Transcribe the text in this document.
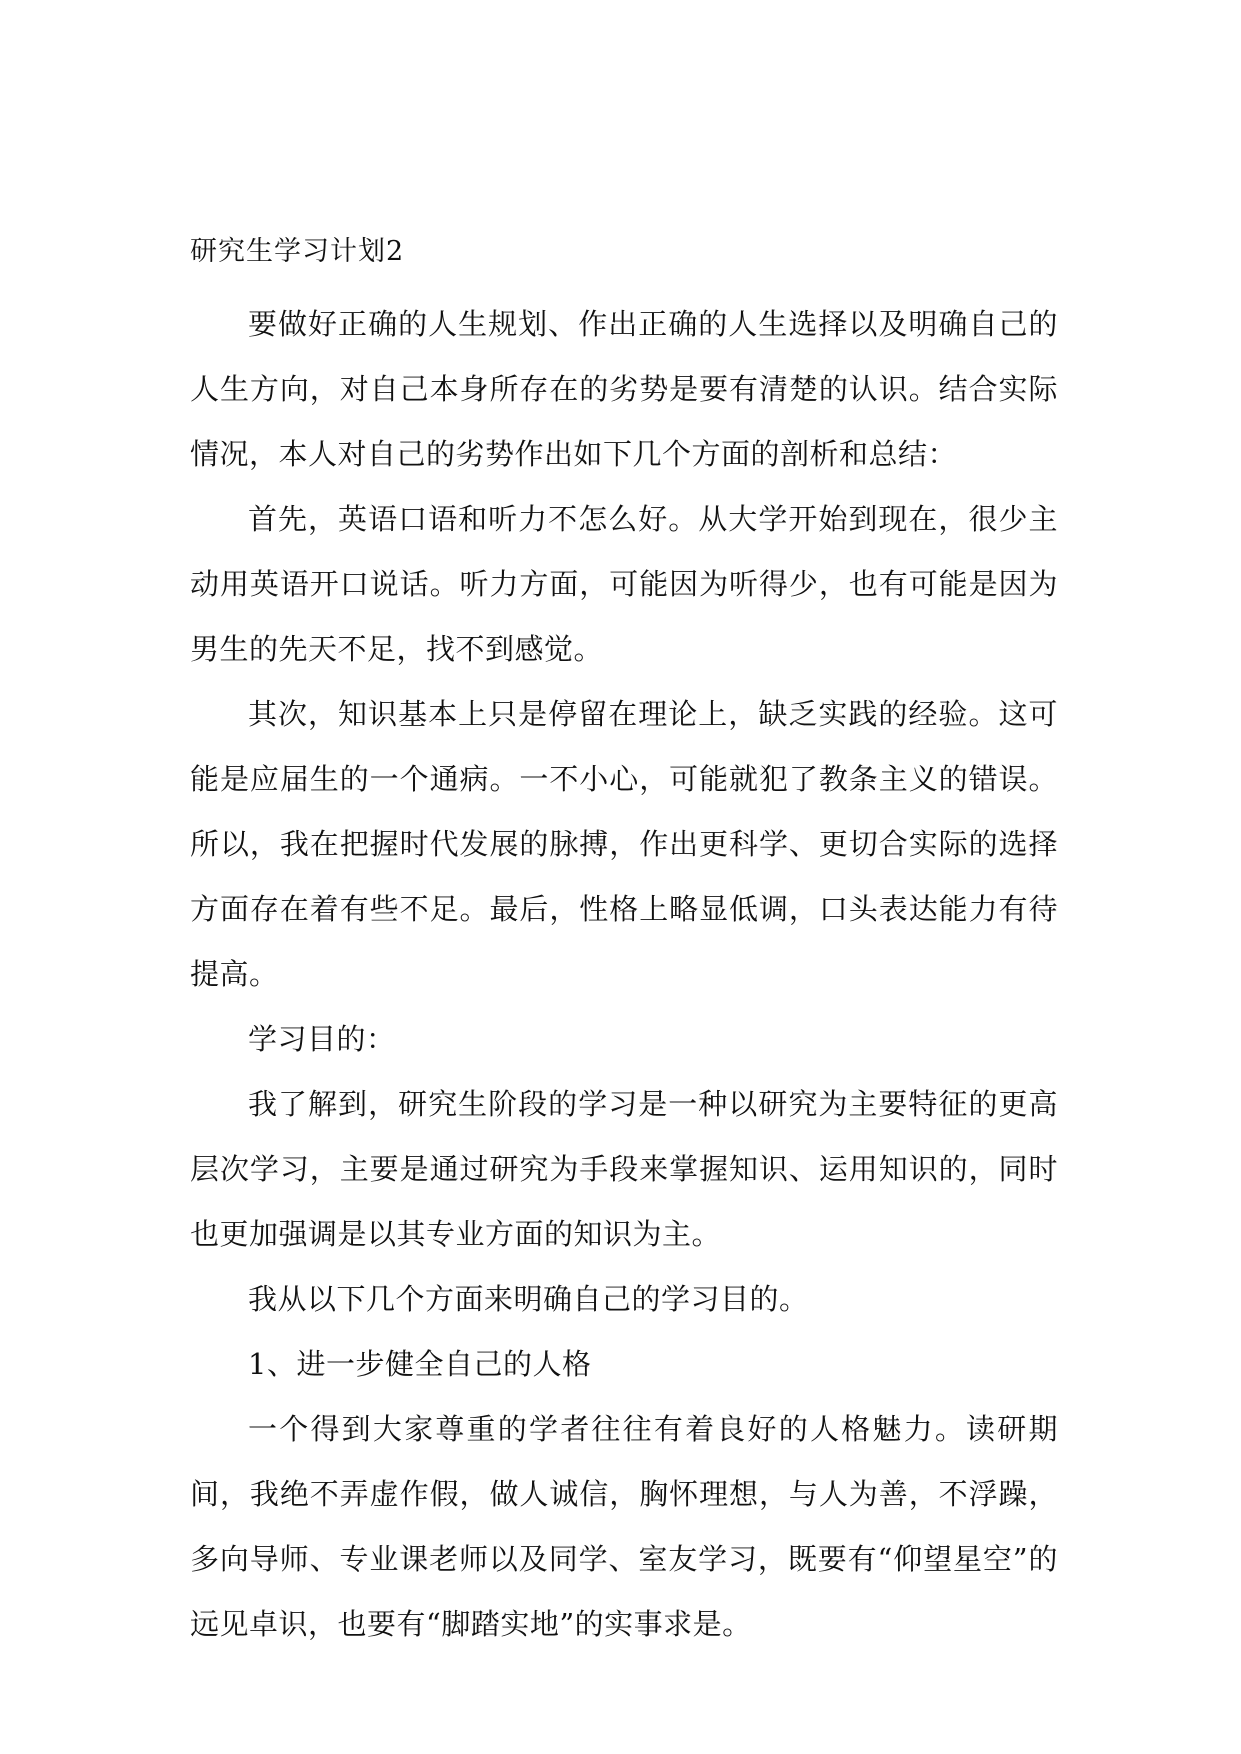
研究生学习计划2

要做好正确的人生规划、作出正确的人生选择以及明确自己的人生方向，对自己本身所存在的劣势是要有清楚的认识。结合实际情况，本人对自己的劣势作出如下几个方面的剖析和总结：

首先，英语口语和听力不怎么好。从大学开始到现在，很少主动用英语开口说话。听力方面，可能因为听得少，也有可能是因为男生的先天不足，找不到感觉。

其次，知识基本上只是停留在理论上，缺乏实践的经验。这可能是应届生的一个通病。一不小心，可能就犯了教条主义的错误。所以，我在把握时代发展的脉搏，作出更科学、更切合实际的选择方面存在着有些不足。最后，性格上略显低调，口头表达能力有待提高。

学习目的：

我了解到，研究生阶段的学习是一种以研究为主要特征的更高层次学习，主要是通过研究为手段来掌握知识、运用知识的，同时也更加强调是以其专业方面的知识为主。

我从以下几个方面来明确自己的学习目的。

1、进一步健全自己的人格

一个得到大家尊重的学者往往有着良好的人格魅力。读研期间，我绝不弄虚作假，做人诚信，胸怀理想，与人为善，不浮躁，多向导师、专业课老师以及同学、室友学习，既要有“仰望星空”的远见卓识，也要有“脚踏实地”的实事求是。
